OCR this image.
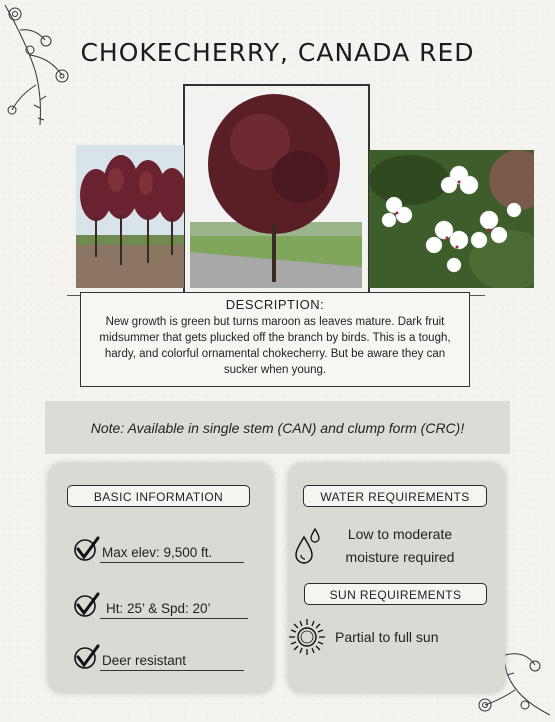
CHOKECHERRY, CANADA RED
DESCRIPTION:
New growth is green but turns maroon as leaves mature. Dark fruit midsummer that gets plucked off the branch by birds. This is a tough, hardy, and colorful ornamental chokecherry. But be aware they can sucker when young.
Note: Available in single stem (CAN) and clump form (CRC)!
BASIC INFORMATION	WATER REQUIREMENTS
SUN REQUIREMENTS
Max elev: 9,500 ft.
Ht: 25’ & Spd: 20’
Deer resistant
Low to moderate
moisture required
Partial to full sun
